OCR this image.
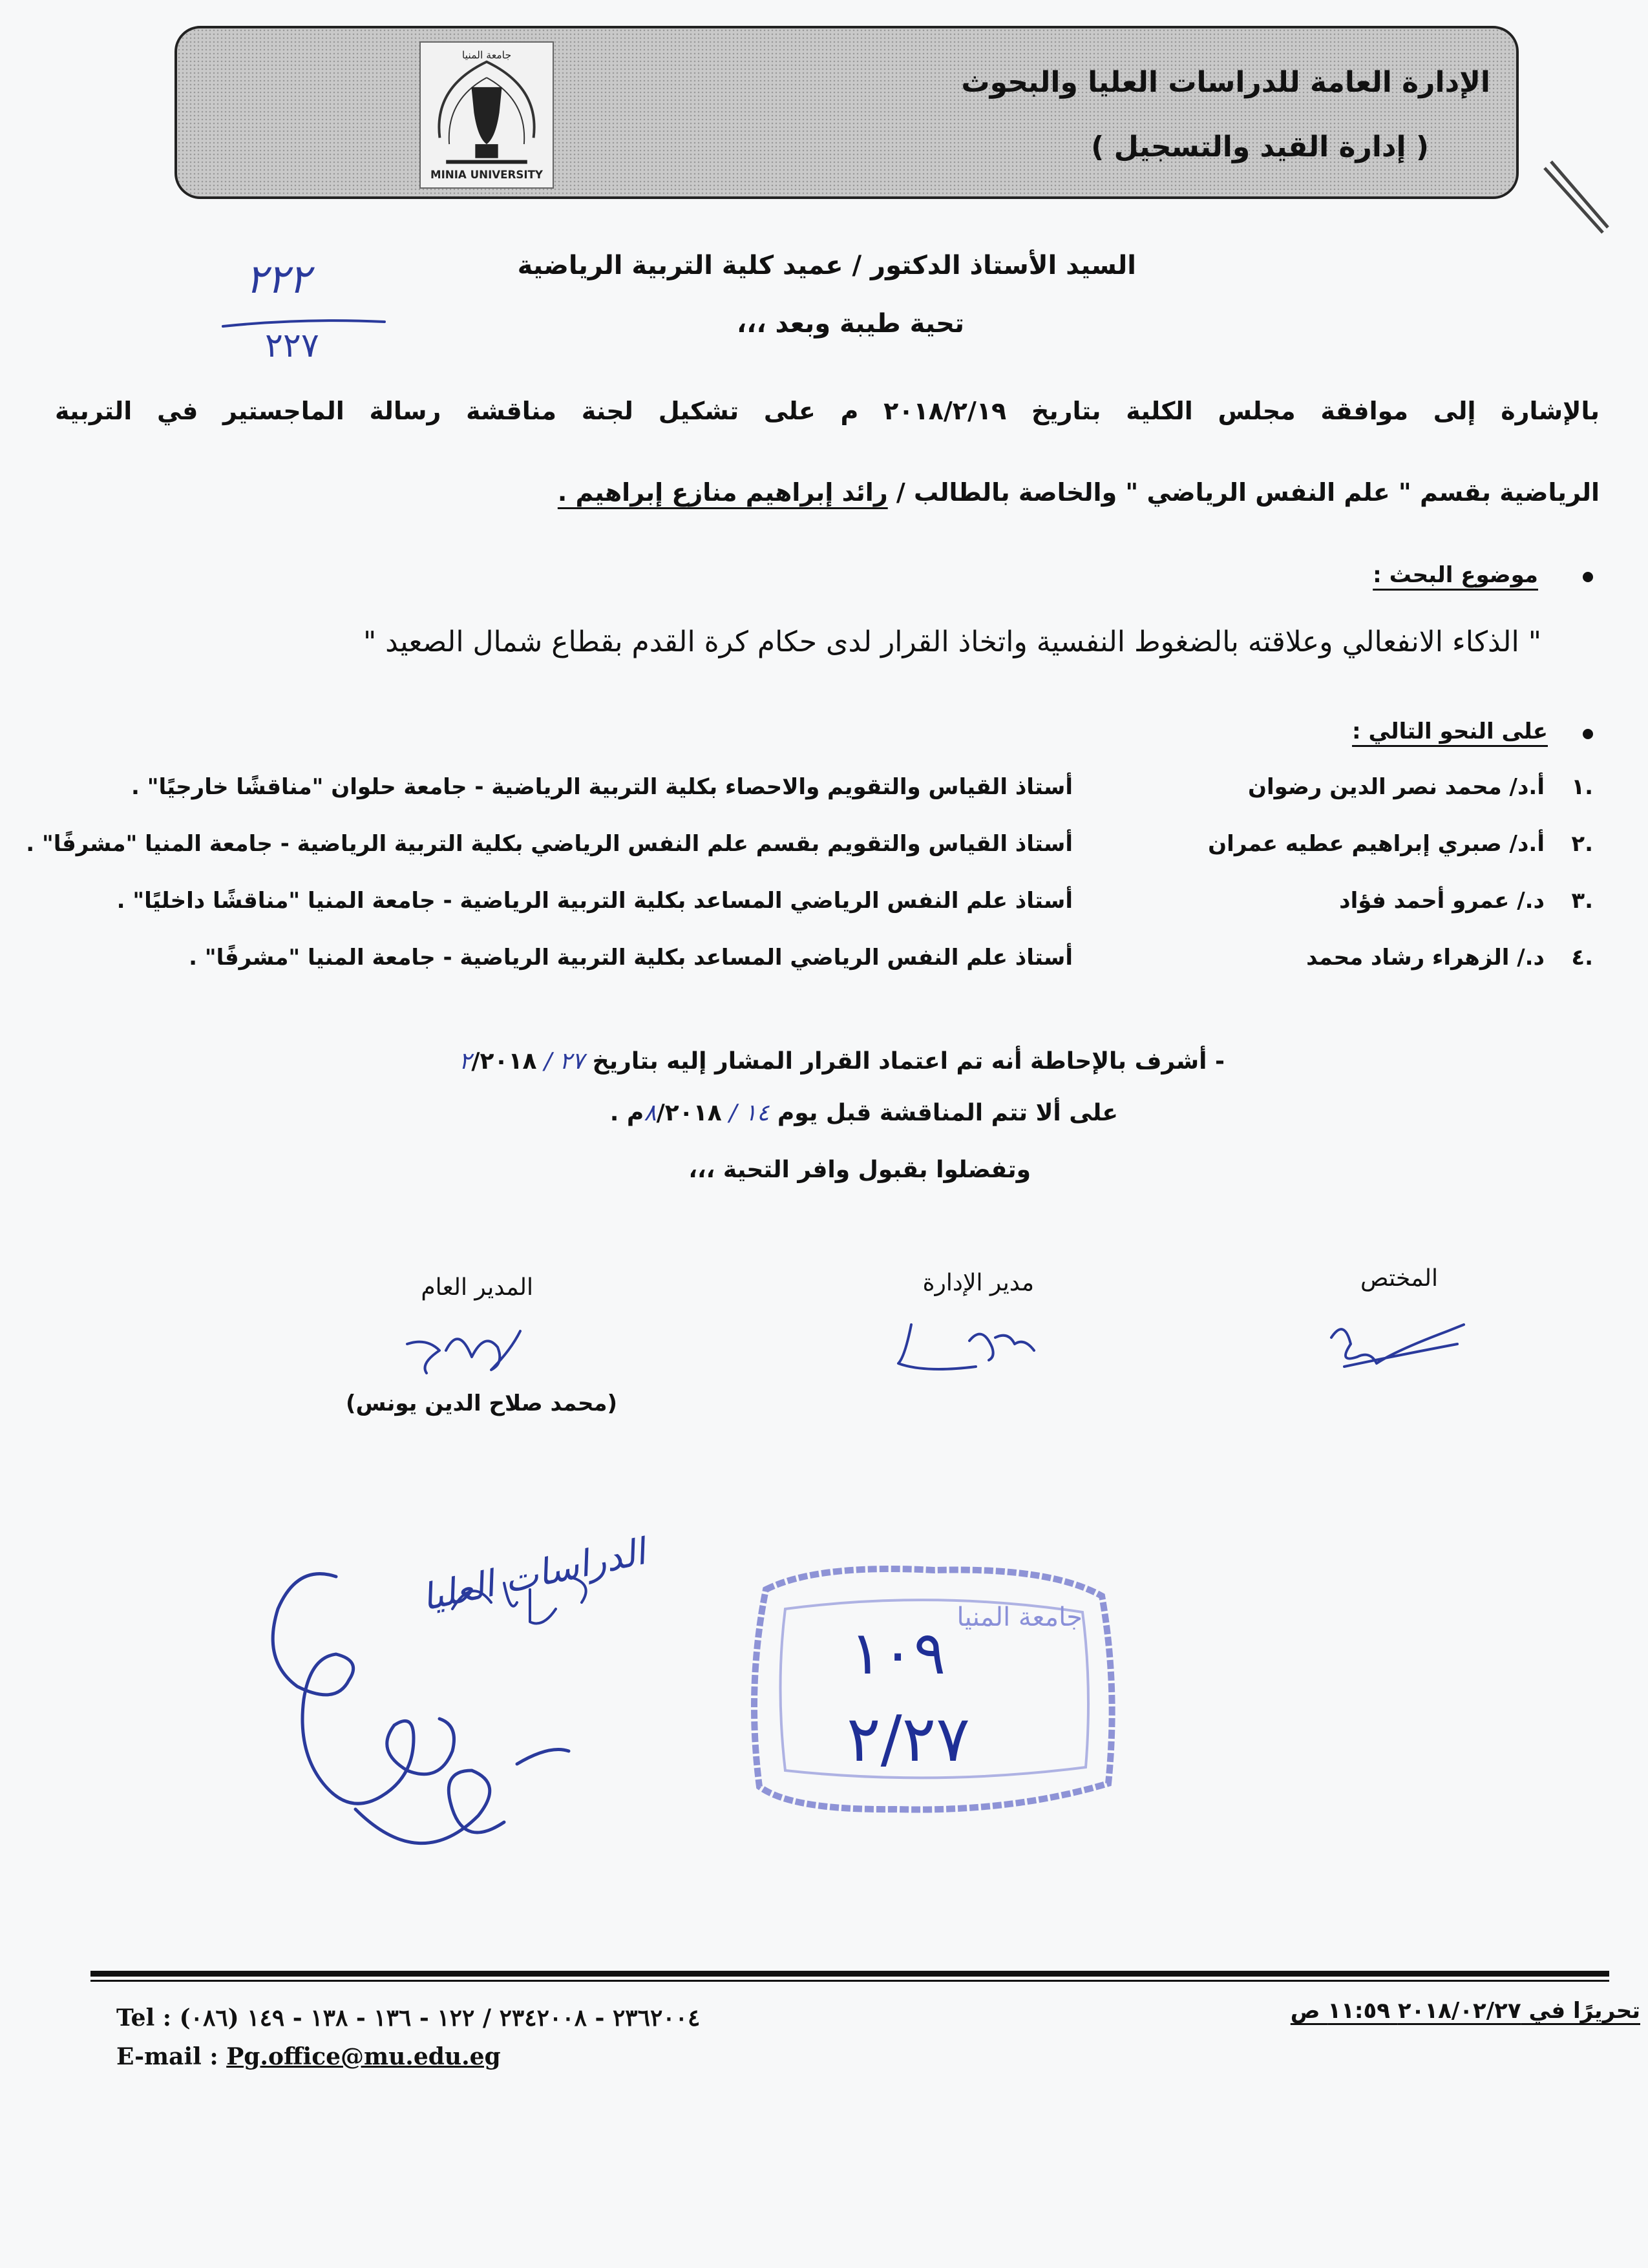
الإدارة العامة للدراسات العليا والبحوث
( إدارة القيد والتسجيل )
جامعة المنيا
MINIA UNIVERSITY
٢٢٢
٢٢٧
السيد الأستاذ الدكتور / عميد كلية التربية الرياضية
تحية طيبة وبعد ،،،
بالإشارة إلى موافقة مجلس الكلية بتاريخ ٢٠١٨/٢/١٩ م على تشكيل لجنة مناقشة رسالة الماجستير في التربية
الرياضية بقسم " علم النفس الرياضي " والخاصة بالطالب / رائد إبراهيم منازع إبراهيم .
موضوع البحث :
" الذكاء الانفعالي وعلاقته بالضغوط النفسية واتخاذ القرار لدى حكام كرة القدم بقطاع شمال الصعيد "
على النحو التالي :
١.
أ.د/ محمد نصر الدين رضوان
أستاذ القياس والتقويم والاحصاء بكلية التربية الرياضية - جامعة حلوان "مناقشًا خارجيًا" .
٢.
أ.د/ صبري إبراهيم عطيه عمران
أستاذ القياس والتقويم بقسم علم النفس الرياضي بكلية التربية الرياضية - جامعة المنيا "مشرفًا" .
٣.
د./ عمرو أحمد فؤاد
أستاذ علم النفس الرياضي المساعد بكلية التربية الرياضية - جامعة المنيا "مناقشًا داخليًا" .
٤.
د./ الزهراء رشاد محمد
أستاذ علم النفس الرياضي المساعد بكلية التربية الرياضية - جامعة المنيا "مشرفًا" .
- أشرف بالإحاطة أنه تم اعتماد القرار المشار إليه بتاريخ ٢٧ / ٢/٢٠١٨
على ألا تتم المناقشة قبل يوم ١٤ / ٨/٢٠١٨م .
وتفضلوا بقبول وافر التحية ،،،
المختص
مدير الإدارة
المدير العام
(محمد صلاح الدين يونس)
الدراسات العليا	جامعة المنيا
١٠٩
٢/٢٧
Tel : (٠٨٦) ٢٣٦٢٠٠٤ - ٢٣٤٢٠٠٨ / ١٢٢ - ١٣٦ - ١٣٨ - ١٤٩
E-mail : Pg.office@mu.edu.eg
تحريرًا في ٢٠١٨/٠٢/٢٧ ١١:٥٩ ص
